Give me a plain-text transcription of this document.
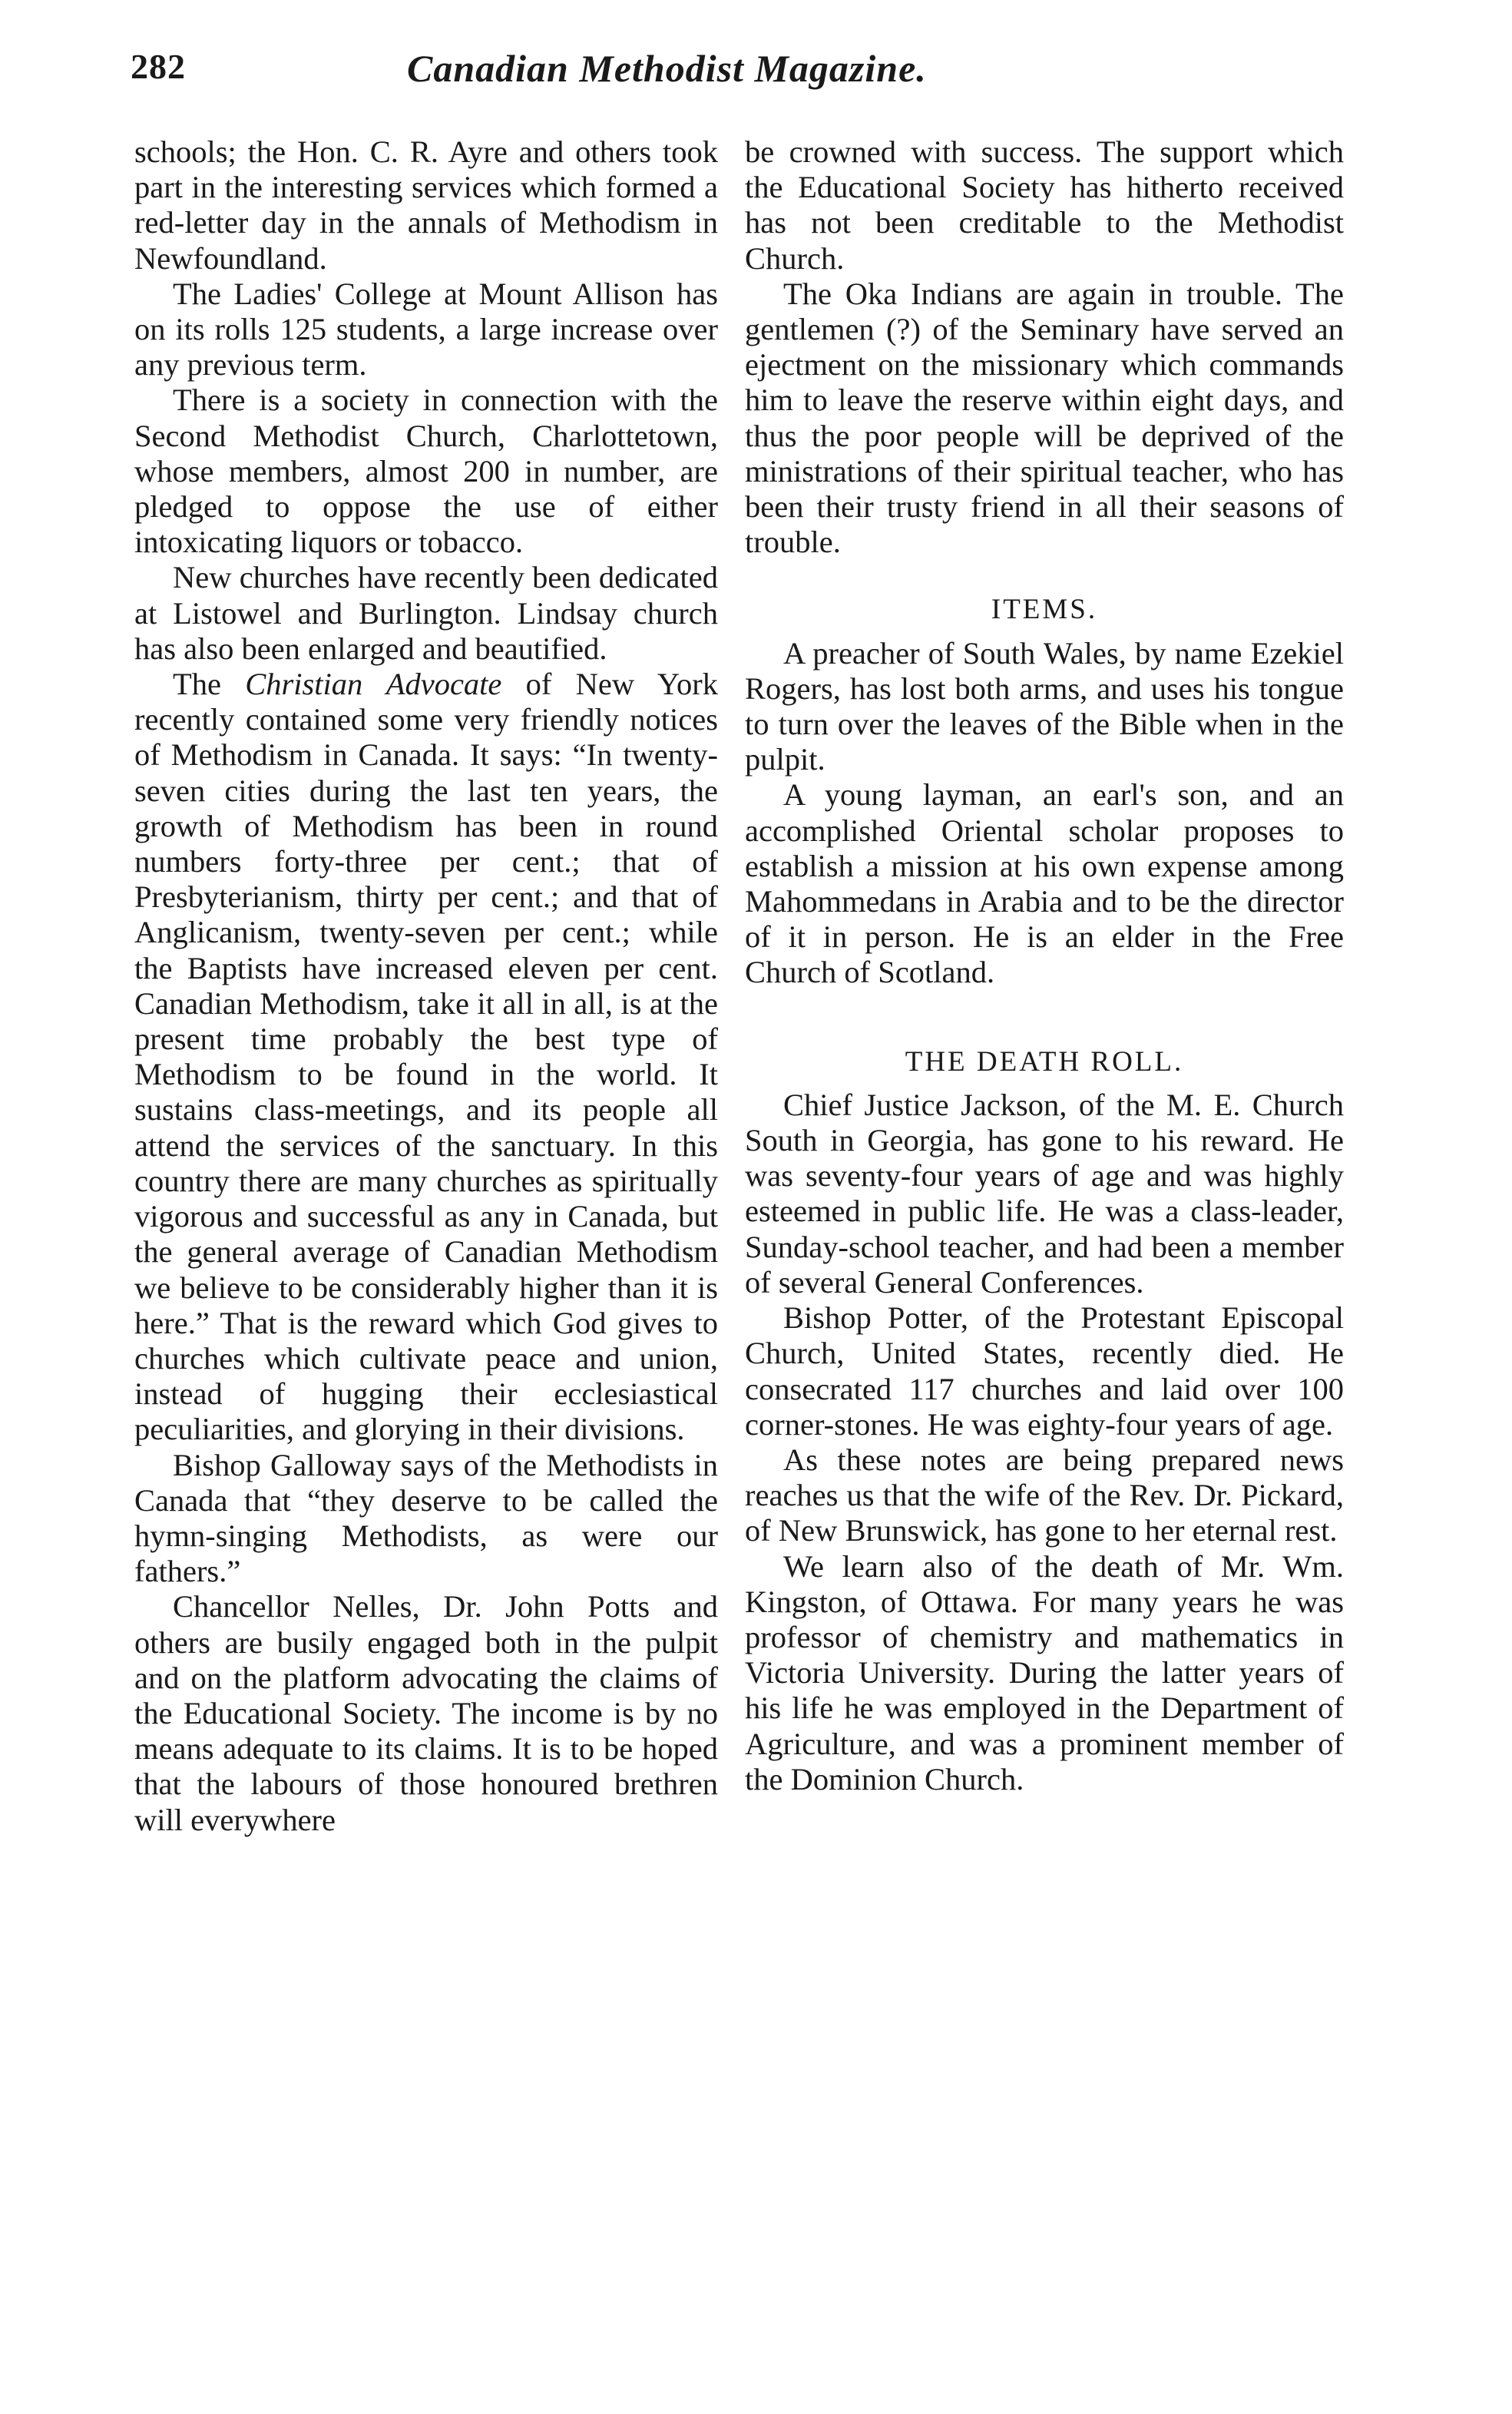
282	Canadian Methodist Magazine.

schools; the Hon. C. R. Ayre and others took part in the interesting services which formed a red-letter day in the annals of Methodism in Newfoundland.

The Ladies' College at Mount Allison has on its rolls 125 students, a large increase over any previous term.

There is a society in connection with the Second Methodist Church, Charlottetown, whose members, almost 200 in number, are pledged to oppose the use of either intoxicating liquors or tobacco.

New churches have recently been dedicated at Listowel and Burlington. Lindsay church has also been enlarged and beautified.

The Christian Advocate of New York recently contained some very friendly notices of Methodism in Canada. It says: “In twenty-seven cities during the last ten years, the growth of Methodism has been in round numbers forty-three per cent.; that of Presbyterianism, thirty per cent.; and that of Anglicanism, twenty-seven per cent.; while the Baptists have increased eleven per cent. Canadian Methodism, take it all in all, is at the present time probably the best type of Methodism to be found in the world. It sustains class-meetings, and its people all attend the services of the sanctuary. In this country there are many churches as spiritually vigorous and successful as any in Canada, but the general average of Canadian Methodism we believe to be considerably higher than it is here.” That is the reward which God gives to churches which cultivate peace and union, instead of hugging their ecclesiastical peculiarities, and glorying in their divisions.

Bishop Galloway says of the Methodists in Canada that “they deserve to be called the hymn-singing Methodists, as were our fathers.”

Chancellor Nelles, Dr. John Potts and others are busily engaged both in the pulpit and on the platform advocating the claims of the Educational Society. The income is by no means adequate to its claims. It is to be hoped that the labours of those honoured brethren will everywhere

be crowned with success. The support which the Educational Society has hitherto received has not been creditable to the Methodist Church.

The Oka Indians are again in trouble. The gentlemen (?) of the Seminary have served an ejectment on the missionary which commands him to leave the reserve within eight days, and thus the poor people will be deprived of the ministrations of their spiritual teacher, who has been their trusty friend in all their seasons of trouble.

ITEMS.

A preacher of South Wales, by name Ezekiel Rogers, has lost both arms, and uses his tongue to turn over the leaves of the Bible when in the pulpit.

A young layman, an earl's son, and an accomplished Oriental scholar proposes to establish a mission at his own expense among Mahommedans in Arabia and to be the director of it in person. He is an elder in the Free Church of Scotland.

THE DEATH ROLL.

Chief Justice Jackson, of the M. E. Church South in Georgia, has gone to his reward. He was seventy-four years of age and was highly esteemed in public life. He was a class-leader, Sunday-school teacher, and had been a member of several General Conferences.

Bishop Potter, of the Protestant Episcopal Church, United States, recently died. He consecrated 117 churches and laid over 100 corner-stones. He was eighty-four years of age.

As these notes are being prepared news reaches us that the wife of the Rev. Dr. Pickard, of New Brunswick, has gone to her eternal rest.

We learn also of the death of Mr. Wm. Kingston, of Ottawa. For many years he was professor of chemistry and mathematics in Victoria University. During the latter years of his life he was employed in the Department of Agriculture, and was a prominent member of the Dominion Church.
